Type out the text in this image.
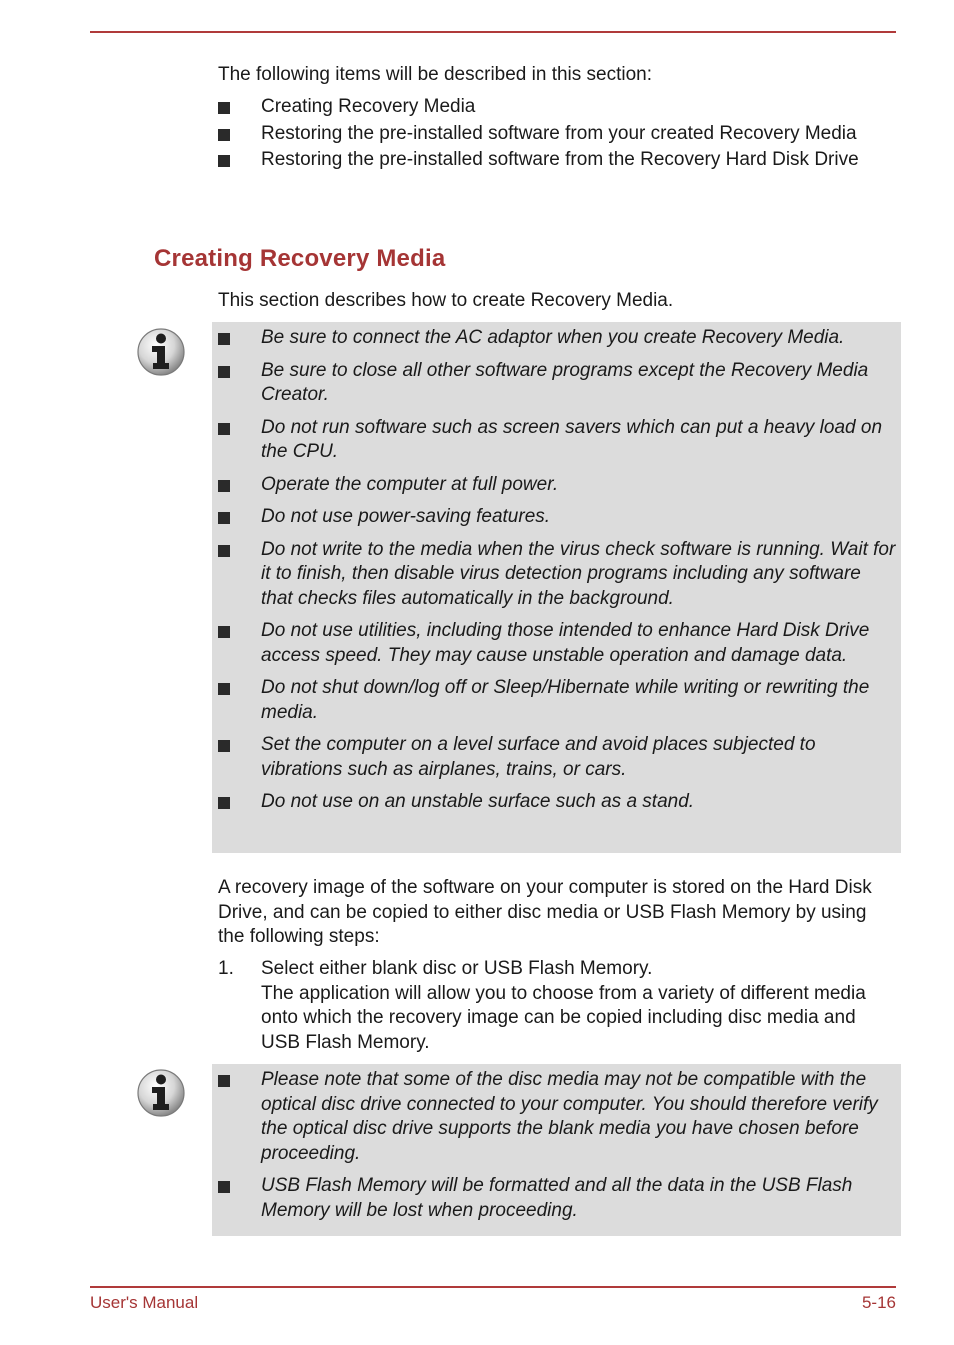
The following items will be described in this section:

Creating Recovery Media
Restoring the pre-installed software from your created Recovery Media
Restoring the pre-installed software from the Recovery Hard Disk Drive
Creating Recovery Media

This section describes how to create Recovery Media.

Be sure to connect the AC adaptor when you create Recovery Media.
Be sure to close all other software programs except the Recovery Media Creator.
Do not run software such as screen savers which can put a heavy load on the CPU.
Operate the computer at full power.
Do not use power-saving features.
Do not write to the media when the virus check software is running. Wait for it to finish, then disable virus detection programs including any software that checks files automatically in the background.
Do not use utilities, including those intended to enhance Hard Disk Drive access speed. They may cause unstable operation and damage data.
Do not shut down/log off or Sleep/Hibernate while writing or rewriting the media.
Set the computer on a level surface and avoid places subjected to vibrations such as airplanes, trains, or cars.
Do not use on an unstable surface such as a stand.

A recovery image of the software on your computer is stored on the Hard Disk Drive, and can be copied to either disc media or USB Flash Memory by using the following steps:

1. Select either blank disc or USB Flash Memory.
The application will allow you to choose from a variety of different media onto which the recovery image can be copied including disc media and USB Flash Memory.
Please note that some of the disc media may not be compatible with the optical disc drive connected to your computer. You should therefore verify the optical disc drive supports the blank media you have chosen before proceeding.
USB Flash Memory will be formatted and all the data in the USB Flash Memory will be lost when proceeding.
User's Manual	5-16
